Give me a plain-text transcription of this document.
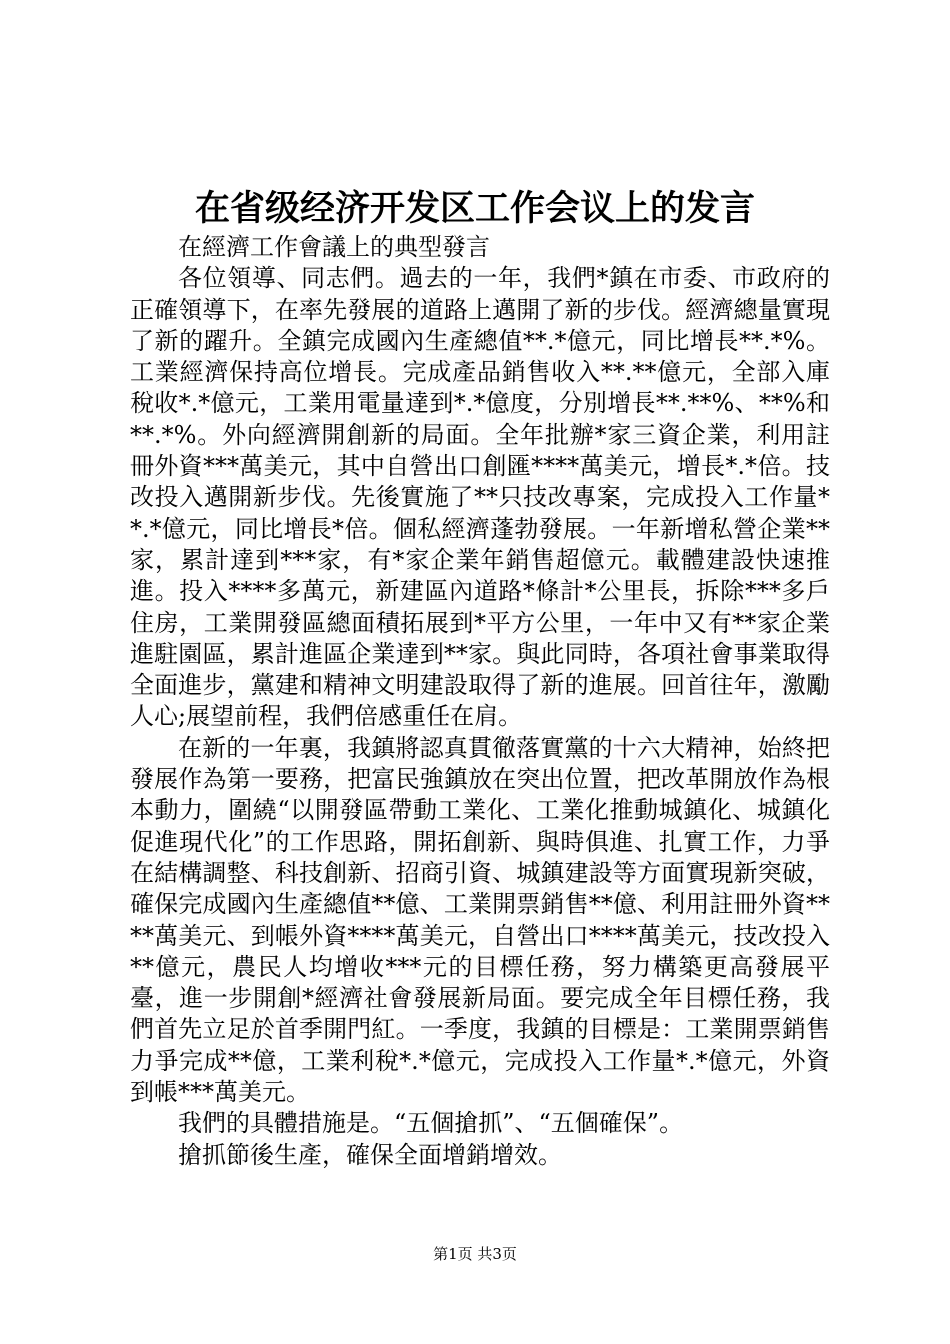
在省级经济开发区工作会议上的发言

在經濟工作會議上的典型發言

各位領導、同志們。過去的一年，我們*鎮在市委、市政府的正確領導下，在率先發展的道路上邁開了新的步伐。經濟總量實現了新的躍升。全鎮完成國內生產總值**.*億元，同比增長**.*%。工業經濟保持高位增長。完成產品銷售收入**.**億元，全部入庫稅收*.*億元，工業用電量達到*.*億度，分別增長**.**%、**%和**.*%。外向經濟開創新的局面。全年批辦*家三資企業，利用註冊外資***萬美元，其中自營出口創匯****萬美元，增長*.*倍。技改投入邁開新步伐。先後實施了**只技改專案，完成投入工作量**.*億元，同比增長*倍。個私經濟蓬勃發展。一年新增私營企業**家，累計達到***家，有*家企業年銷售超億元。載體建設快速推進。投入****多萬元，新建區內道路*條計*公里長，拆除***多戶住房，工業開發區總面積拓展到*平方公里，一年中又有**家企業進駐園區，累計進區企業達到**家。與此同時，各項社會事業取得全面進步，黨建和精神文明建設取得了新的進展。回首往年，激勵人心;展望前程，我們倍感重任在肩。

在新的一年裏，我鎮將認真貫徹落實黨的十六大精神，始終把發展作為第一要務，把富民強鎮放在突出位置，把改革開放作為根本動力，圍繞“以開發區帶動工業化、工業化推動城鎮化、城鎮化促進現代化”的工作思路，開拓創新、與時俱進、扎實工作，力爭在結構調整、科技創新、招商引資、城鎮建設等方面實現新突破，確保完成國內生產總值**億、工業開票銷售**億、利用註冊外資****萬美元、到帳外資****萬美元，自營出口****萬美元，技改投入**億元，農民人均增收***元的目標任務，努力構築更高發展平臺，進一步開創*經濟社會發展新局面。要完成全年目標任務，我們首先立足於首季開門紅。一季度，我鎮的目標是：工業開票銷售力爭完成**億，工業利稅*.*億元，完成投入工作量*.*億元，外資到帳***萬美元。

我們的具體措施是。“五個搶抓”、“五個確保”。

搶抓節後生產，確保全面增銷增效。

第1页 共3页
